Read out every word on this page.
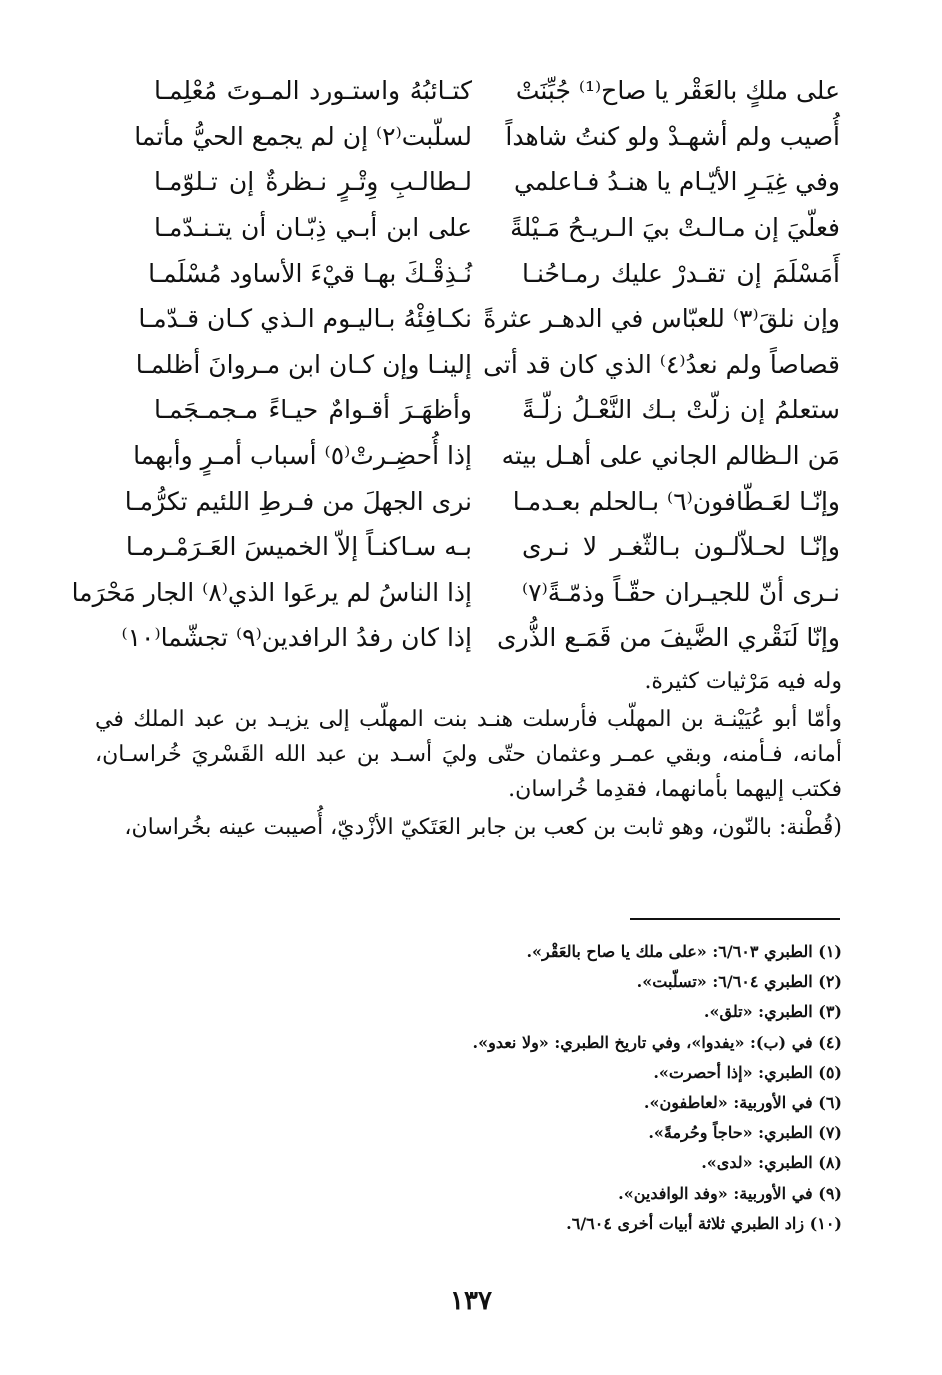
على ملكٍ بالعَقْر يا صاح⁽¹⁾ جُبِّنَتْ
كتـائبُهُ واستـورد المـوتَ مُعْلِمـا
أُصيب ولم أشهـدْ ولو كنتُ شاهداً
لسلّبت⁽٢⁾ إن لم يجمع الحيُّ مأتما
وفي غِيَـرِ الأيّـام يا هنـدُ فـاعلمي
لـطالـبِ وِتْـرٍ نـظرةٌ إن تـلوّمـا
فعلّيَ إن مـالـتْ بيَ الـريـحُ مَـيْلةً
على ابن أبـي ذِبّـان أن يتـنـدّمـا
أَمَسْلَمَ إن تقـدرْ عليك رمـاحُنـا
نُـذِقْـكَ بهـا قيْءَ الأساود مُسْلَمـا
وإن نلقَ⁽٣⁾ للعبّاس في الدهـر عثرةً
نكـافِئْهُ بـاليـوم الـذي كـان قـدّمـا
قصاصاً ولم نعدُ⁽٤⁾ الذي كان قد أتى
إلينـا وإن كـان ابن مـروانَ أظلمـا
ستعلمُ إن زلّتْ بـك النَّعْـلُ زلّـةً
وأظهَـرَ أقـوامٌ حيـاءً مـجمـجَمـا
مَن الـظالم الجاني على أهـل بيته
إذا أُحضِـرتْ⁽٥⁾ أسباب أمـرٍ وأبهما
وإنّـا لعَـطّافون⁽٦⁾ بـالحلم بعـدمـا
نرى الجهلَ من فـرطِ اللئيم تكرُّمـا
وإنّـا لحـلاّلـون بـالثّغـر لا نـرى
بـه سـاكنـاً إلاّ الخميسَ العَـرَمْـرمـا
نـرى أنّ للجيـران حقّـاً وذمّـةً⁽٧⁾
إذا الناسُ لم يرعَوا الذي⁽٨⁾ الجار مَحْرَما
وإنّا لَنَقْري الضَّيفَ من قَمَـع الذُّرى
إذا كان رفدُ الرافدين⁽٩⁾ تجشّما⁽١٠⁾

وله فيه مَرْثيات كثيرة.

وأمّا أبو عُيَيْنـة بن المهلّب فأرسلت هنـد بنت المهلّب إلى يزيـد بن عبد الملك في أمانه، فـأمنه، وبقي عمـر وعثمان حتّى وليَ أسـد بن عبد الله القَسْريَ خُراسـان، فكتب إليهما بأمانهما، فقدِما خُراسان.

(قُطْنة: بالنّون، وهو ثابت بن كعب بن جابر العَتَكيّ الأزْديّ، أُصيبت عينه بخُراسان،

(١) الطبري ٦/٦٠٣: «على ملك يا صاح بالعَقْر».
(٢) الطبري ٦/٦٠٤: «تسلّبت».
(٣) الطبري: «تلق».
(٤) في (ب): «يفدوا»، وفي تاريخ الطبري: «ولا نعدو».
(٥) الطبري: «إذا أحصرت».
(٦) في الأوربية: «لعاطفون».
(٧) الطبري: «حاجاً وحُرمةً».
(٨) الطبري: «لدى».
(٩) في الأوربية: «وفد الوافدين».
(١٠) زاد الطبري ثلاثة أبيات أخرى ٦/٦٠٤.
١٣٧
